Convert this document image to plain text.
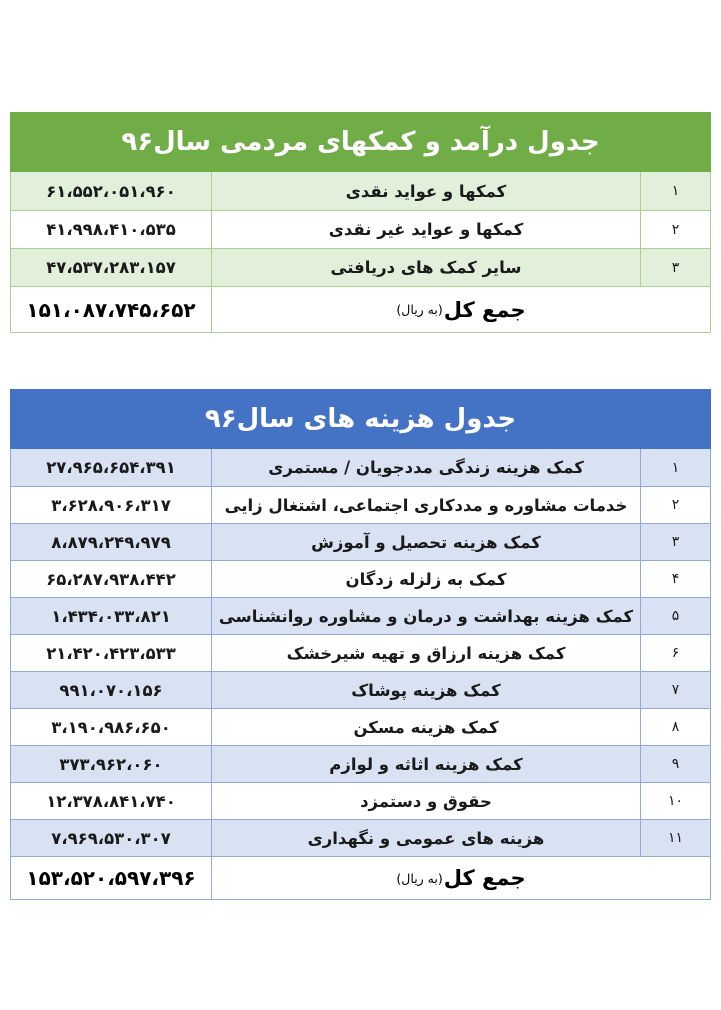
جدول درآمد و کمکهای مردمی سال۹۶
۱
کمکها و عواید نقدی
۶۱،۵۵۲،۰۵۱،۹۶۰
۲
کمکها و عواید غیر نقدی
۴۱،۹۹۸،۴۱۰،۵۳۵
۳
سایر کمک های دریافتی
۴۷،۵۳۷،۲۸۳،۱۵۷
جمع کل
(به ریال)
۱۵۱،۰۸۷،۷۴۵،۶۵۲
جدول هزینه های سال۹۶
۱
کمک هزینه زندگی مددجویان / مستمری
۲۷،۹۶۵،۶۵۴،۳۹۱
۲
خدمات مشاوره و مددکاری اجتماعی، اشتغال زایی
۳،۶۲۸،۹۰۶،۳۱۷
۳
کمک هزینه تحصیل و آموزش
۸،۸۷۹،۲۴۹،۹۷۹
۴
کمک به زلزله زدگان
۶۵،۲۸۷،۹۳۸،۴۴۲
۵
کمک هزینه بهداشت و درمان و مشاوره روانشناسی
۱،۴۳۴،۰۳۳،۸۲۱
۶
کمک هزینه ارزاق و تهیه شیرخشک
۲۱،۴۲۰،۴۲۳،۵۳۳
۷
کمک هزینه پوشاک
۹۹۱،۰۷۰،۱۵۶
۸
کمک هزینه مسکن
۳،۱۹۰،۹۸۶،۶۵۰
۹
کمک هزینه اثاثه و لوازم
۳۷۳،۹۶۲،۰۶۰
۱۰
حقوق و دستمزد
۱۲،۳۷۸،۸۴۱،۷۴۰
۱۱
هزینه های عمومی و نگهداری
۷،۹۶۹،۵۳۰،۳۰۷
جمع کل
(به ریال)
۱۵۳،۵۲۰،۵۹۷،۳۹۶
